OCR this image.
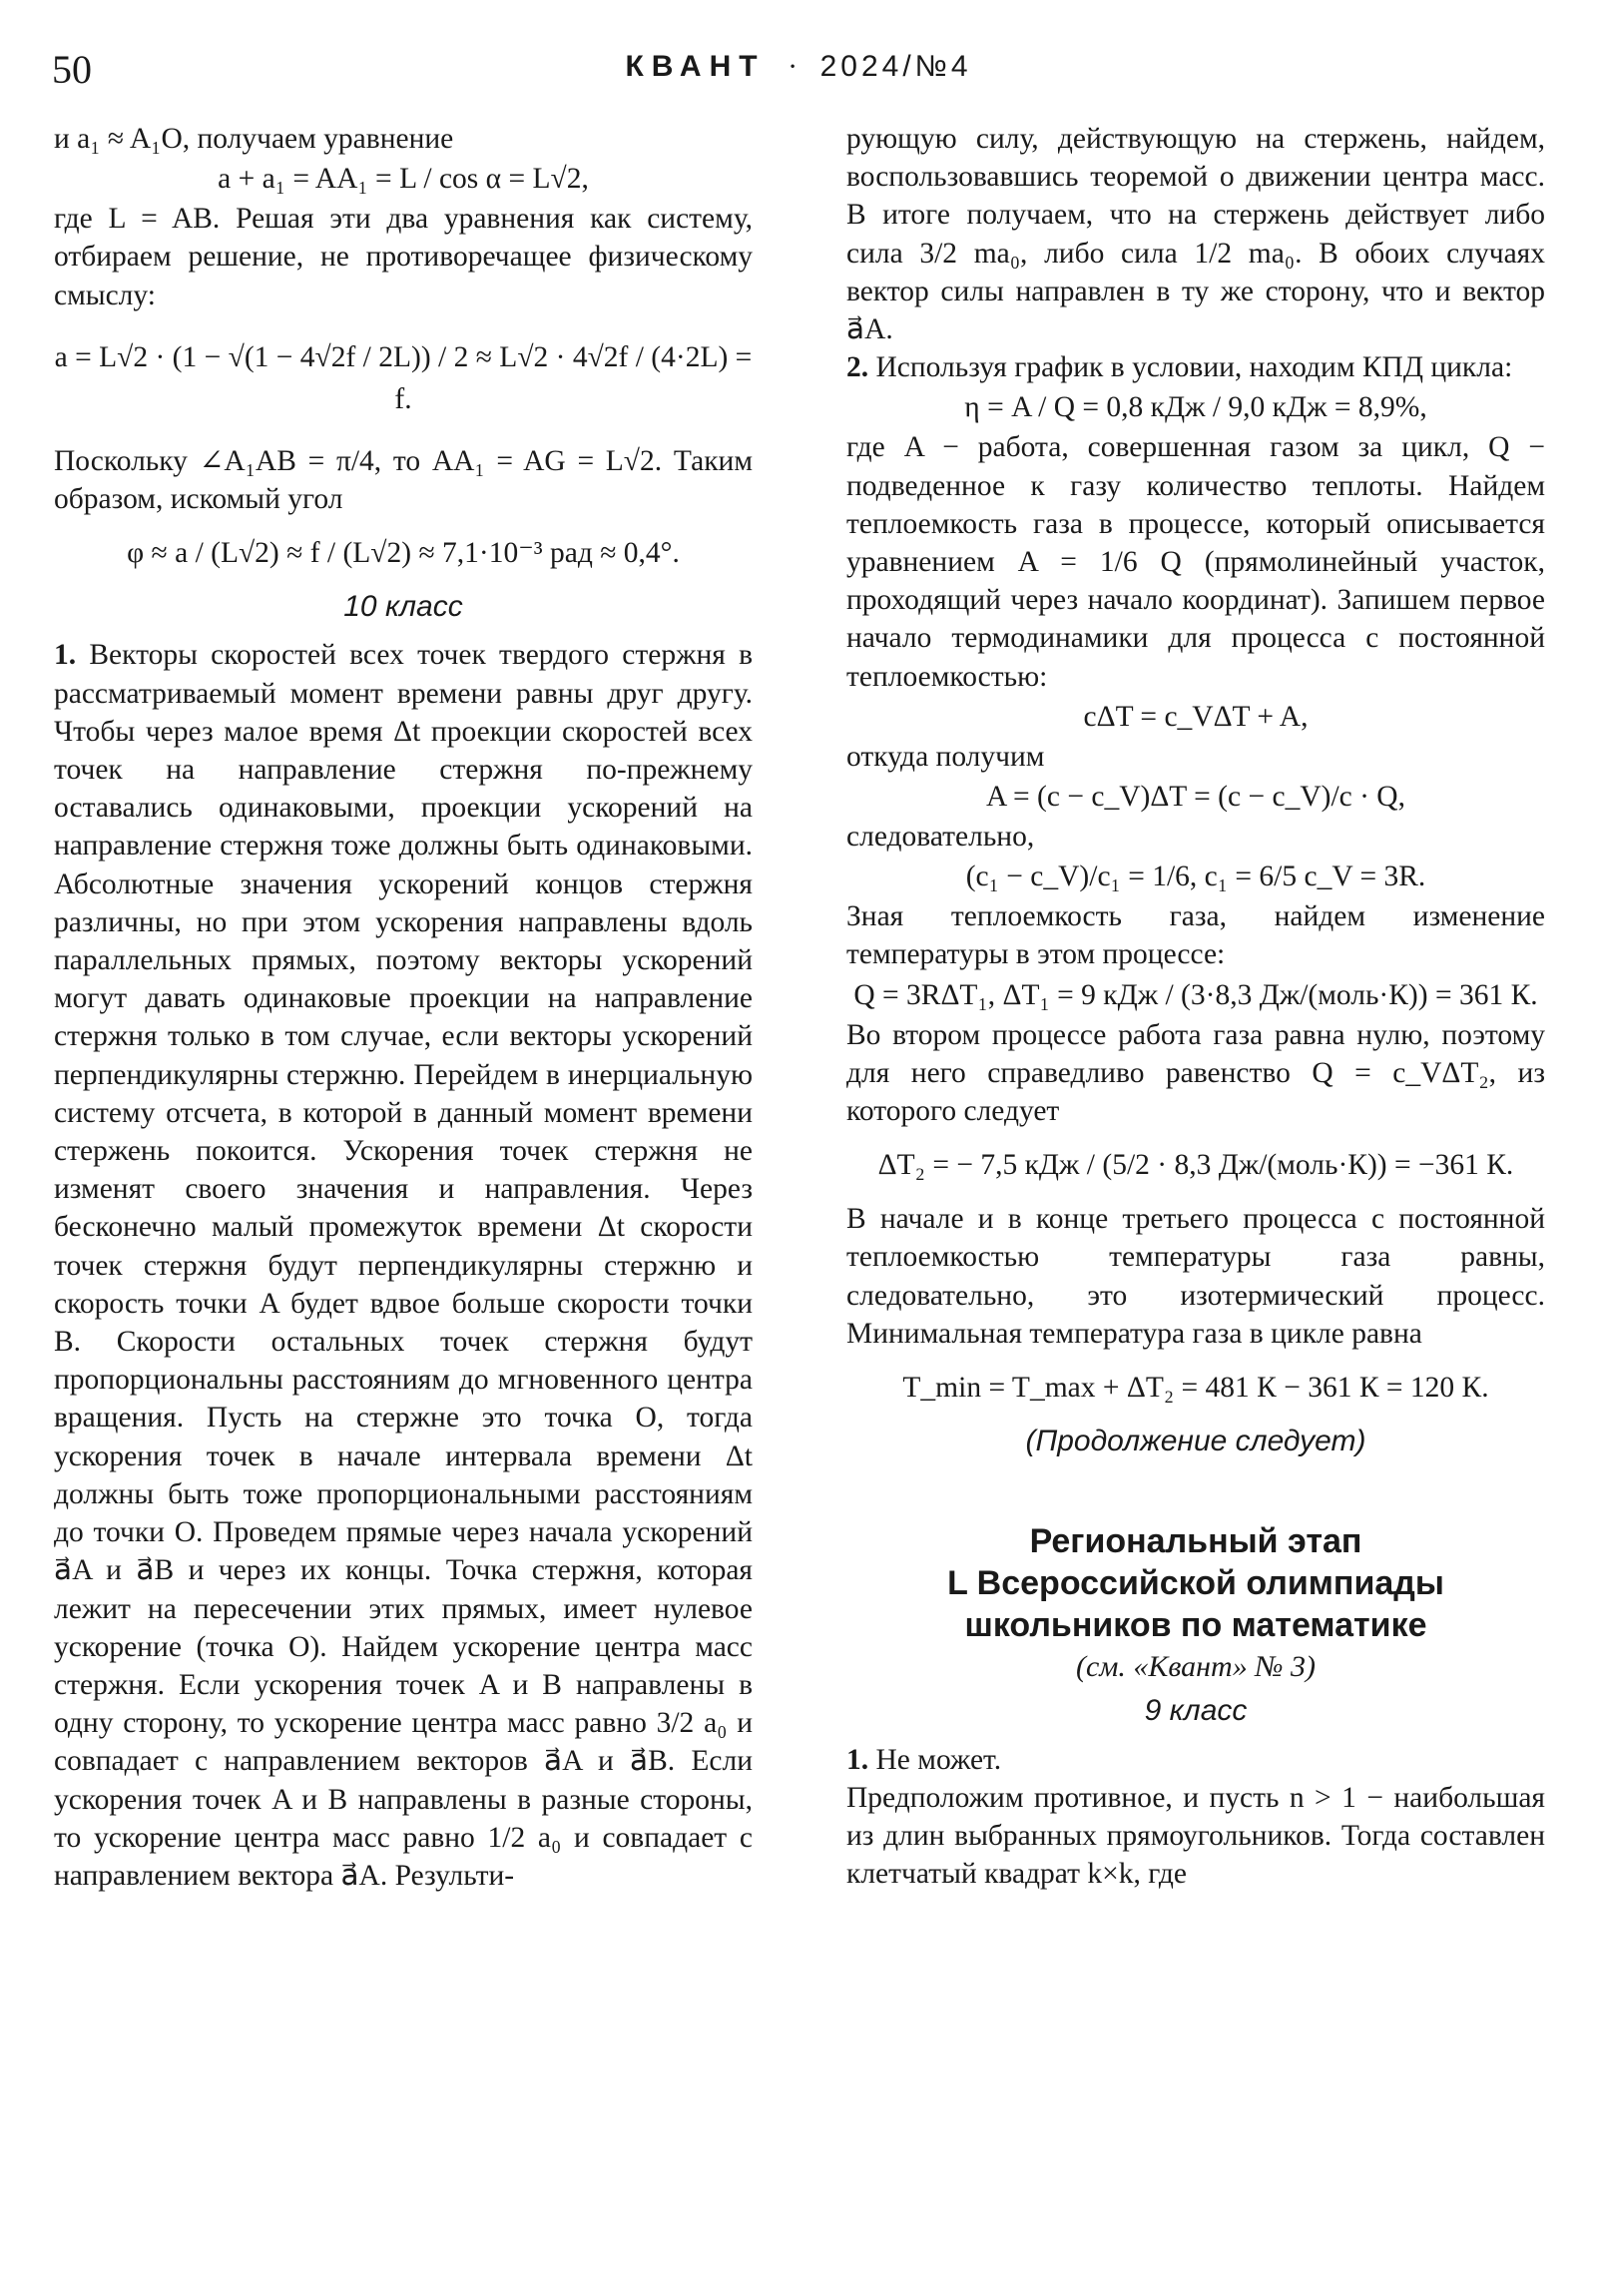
50	КВАНТ · 2024/№4

и a₁ ≈ A₁O, получаем уравнение

a + a₁ = AA₁ = L / cos α = L√2,

где L = AB. Решая эти два уравнения как систему, отбираем решение, не противоречащее физическому смыслу:

a = L√2 · (1 − √(1 − 4√2f / 2L)) / 2 ≈ L√2 · 4√2f / (4·2L) = f.

Поскольку ∠A₁AB = π/4, то AA₁ = AG = L√2. Таким образом, искомый угол

φ ≈ a / (L√2) ≈ f / (L√2) ≈ 7,1·10⁻³ рад ≈ 0,4°.

10 класс

1. Векторы скоростей всех точек твердого стержня в рассматриваемый момент времени равны друг другу. Чтобы через малое время Δt проекции скоростей всех точек на направление стержня по-прежнему оставались одинаковыми, проекции ускорений на направление стержня тоже должны быть одинаковыми. Абсолютные значения ускорений концов стержня различны, но при этом ускорения направлены вдоль параллельных прямых, поэтому векторы ускорений могут давать одинаковые проекции на направление стержня только в том случае, если векторы ускорений перпендикулярны стержню. Перейдем в инерциальную систему отсчета, в которой в данный момент времени стержень покоится. Ускорения точек стержня не изменят своего значения и направления. Через бесконечно малый промежуток времени Δt скорости точек стержня будут перпендикулярны стержню и скорость точки A будет вдвое больше скорости точки B. Скорости остальных точек стержня будут пропорциональны расстояниям до мгновенного центра вращения. Пусть на стержне это точка O, тогда ускорения точек в начале интервала времени Δt должны быть тоже пропорциональными расстояниям до точки O. Проведем прямые через начала ускорений a⃗A и a⃗B и через их концы. Точка стержня, которая лежит на пересечении этих прямых, имеет нулевое ускорение (точка O). Найдем ускорение центра масс стержня. Если ускорения точек A и B направлены в одну сторону, то ускорение центра масс равно 3/2 a₀ и совпадает с направлением векторов a⃗A и a⃗B. Если ускорения точек A и B направлены в разные стороны, то ускорение центра масс равно 1/2 a₀ и совпадает с направлением вектора a⃗A. Результи-

рующую силу, действующую на стержень, найдем, воспользовавшись теоремой о движении центра масс. В итоге получаем, что на стержень действует либо сила 3/2 ma₀, либо сила 1/2 ma₀. В обоих случаях вектор силы направлен в ту же сторону, что и вектор a⃗A.

2. Используя график в условии, находим КПД цикла:

η = A / Q = 0,8 кДж / 9,0 кДж = 8,9%,

где A − работа, совершенная газом за цикл, Q − подведенное к газу количество теплоты. Найдем теплоемкость газа в процессе, который описывается уравнением A = 1/6 Q (прямолинейный участок, проходящий через начало координат). Запишем первое начало термодинамики для процесса с постоянной теплоемкостью:

cΔT = c_VΔT + A,

откуда получим

A = (c − c_V)ΔT = (c − c_V)/c · Q,

следовательно,

(c₁ − c_V)/c₁ = 1/6, c₁ = 6/5 c_V = 3R.

Зная теплоемкость газа, найдем изменение температуры в этом процессе:

Q = 3RΔT₁, ΔT₁ = 9 кДж / (3·8,3 Дж/(моль·К)) = 361 К.

Во втором процессе работа газа равна нулю, поэтому для него справедливо равенство Q = c_VΔT₂, из которого следует

ΔT₂ = − 7,5 кДж / (5/2 · 8,3 Дж/(моль·К)) = −361 К.

В начале и в конце третьего процесса с постоянной теплоемкостью температуры газа равны, следовательно, это изотермический процесс. Минимальная температура газа в цикле равна

T_min = T_max + ΔT₂ = 481 К − 361 К = 120 К.

(Продолжение следует)
Региональный этап
L Всероссийской олимпиады
школьников по математике
(см. «Квант» № 3)
9 класс

1. Не может.

Предположим противное, и пусть n > 1 − наибольшая из длин выбранных прямоугольников. Тогда составлен клетчатый квадрат k×k, где
